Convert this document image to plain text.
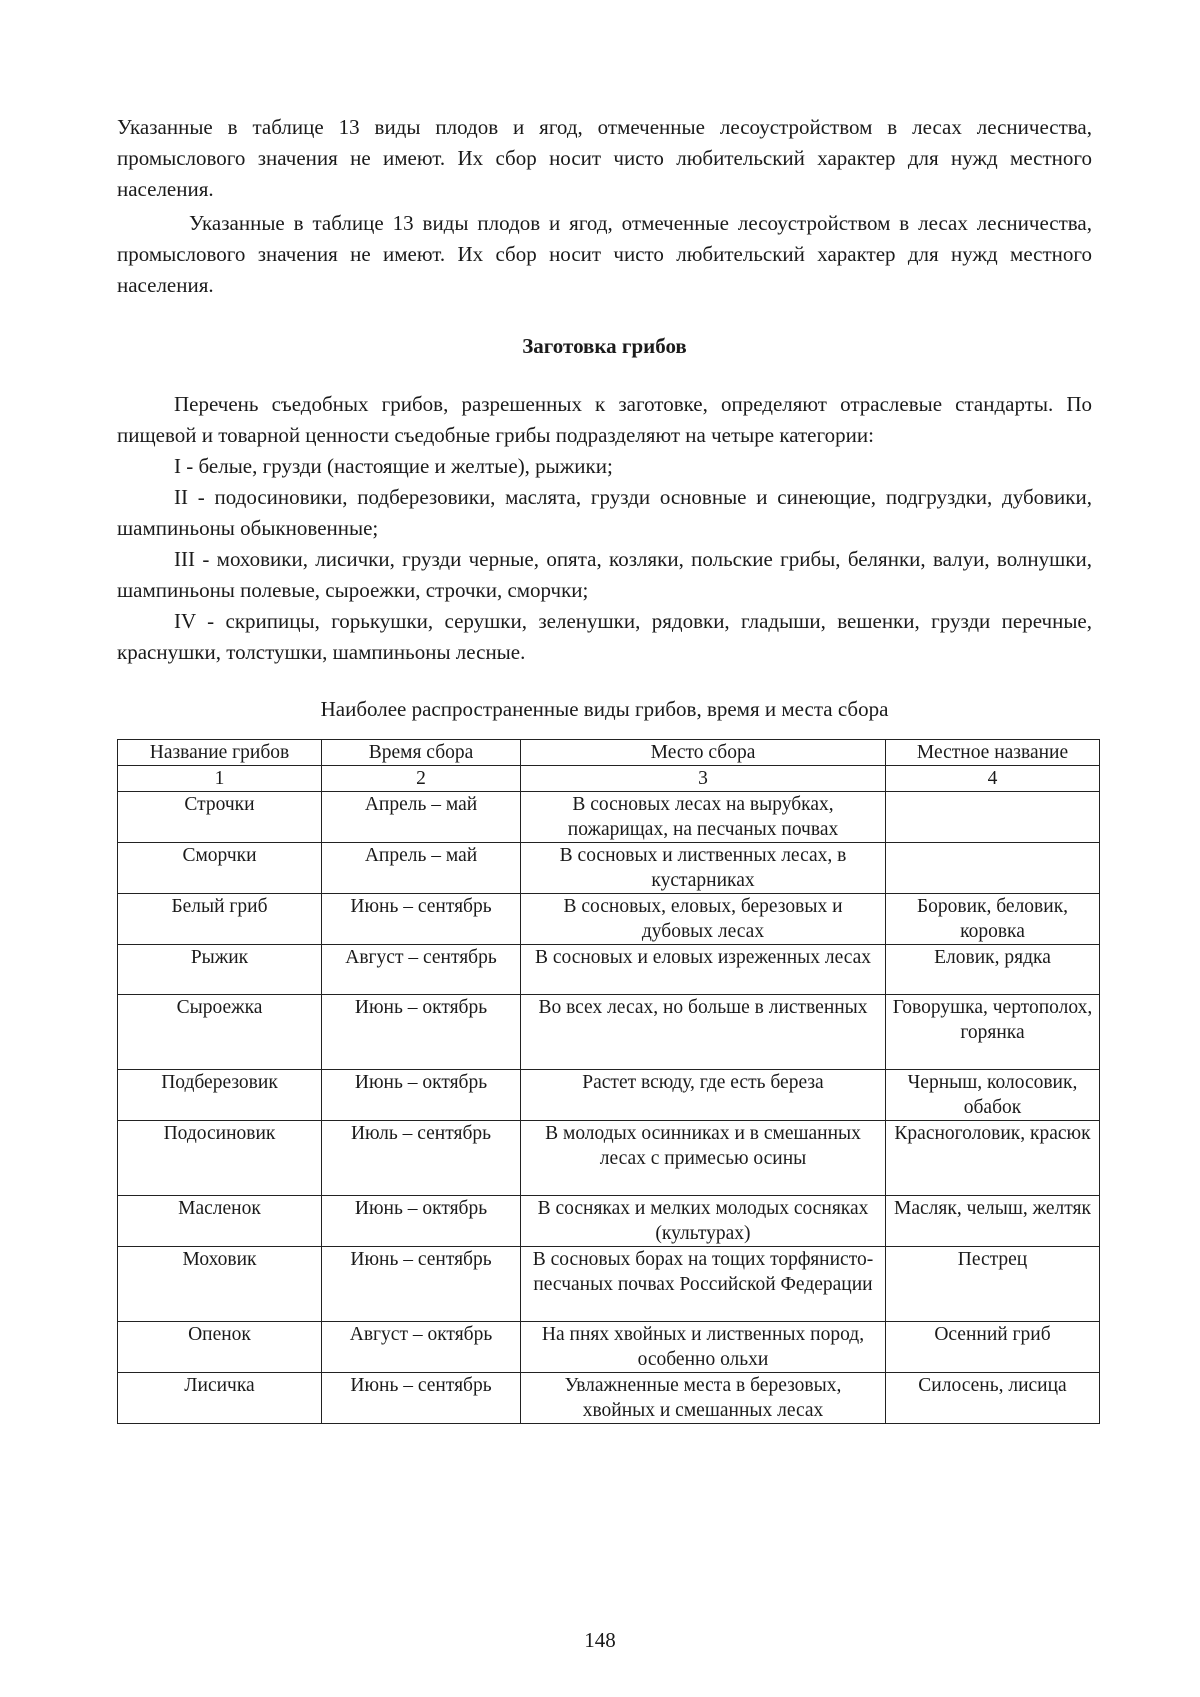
Указанные в таблице 13 виды плодов и ягод, отмеченные лесоустройством в лесах лесничества, промыслового значения не имеют. Их сбор носит чисто любительский характер для нужд местного населения.

Указанные в таблице 13 виды плодов и ягод, отмеченные лесоустройством в лесах лесничества, промыслового значения не имеют. Их сбор носит чисто любительский характер для нужд местного населения.

Заготовка грибов

Перечень съедобных грибов, разрешенных к заготовке, определяют отраслевые стандарты. По пищевой и товарной ценности съедобные грибы подразделяют на четыре категории:

I - белые, грузди (настоящие и желтые), рыжики;

II - подосиновики, подберезовики, маслята, грузди основные и синеющие, подгруздки, дубовики, шампиньоны обыкновенные;

III - моховики, лисички, грузди черные, опята, козляки, польские грибы, белянки, валуи, волнушки, шампиньоны полевые, сыроежки, строчки, сморчки;

IV - скрипицы, горькушки, серушки, зеленушки, рядовки, гладыши, вешенки, грузди перечные, краснушки, толстушки, шампиньоны лесные.

Наиболее распространенные виды грибов, время и места сбора

Название грибов	Время сбора	Место сбора	Местное название
1	2	3	4
Строчки	Апрель – май	В сосновых лесах на вырубках, пожарищах, на песчаных почвах	
Сморчки	Апрель – май	В сосновых и лиственных лесах, в кустарниках	
Белый гриб	Июнь – сентябрь	В сосновых, еловых, березовых и дубовых лесах	Боровик, беловик, коровка
Рыжик	Август – сентябрь	В сосновых и еловых изреженных лесах	Еловик, рядка
Сыроежка	Июнь – октябрь	Во всех лесах, но больше в лиственных	Говорушка, чертополох, горянка
Подберезовик	Июнь – октябрь	Растет всюду, где есть береза	Черныш, колосовик, обабок
Подосиновик	Июль – сентябрь	В молодых осинниках и в смешанных лесах с примесью осины	Красноголовик, красюк
Масленок	Июнь – октябрь	В сосняках и мелких молодых сосняках (культурах)	Масляк, челыш, желтяк
Моховик	Июнь – сентябрь	В сосновых борах на тощих торфянисто-песчаных почвах Российской Федерации	Пестрец
Опенок	Август – октябрь	На пнях хвойных и лиственных пород, особенно ольхи	Осенний гриб
Лисичка	Июнь – сентябрь	Увлажненные места в березовых, хвойных и смешанных лесах	Силосень, лисица
148
